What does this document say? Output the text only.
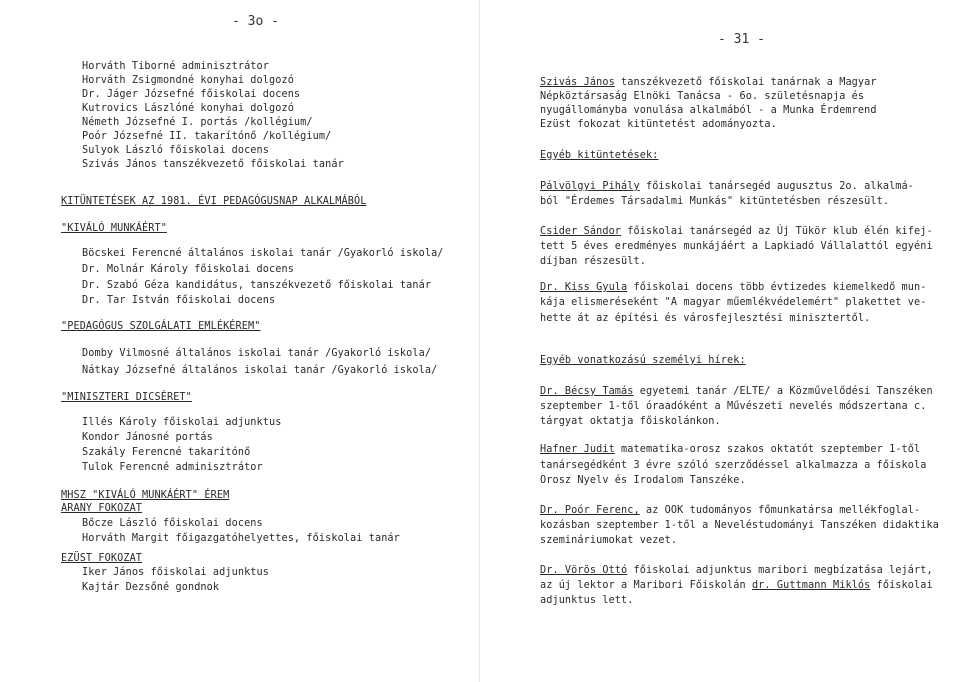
- 3o -
Horváth Tiborné adminisztrátor
Horváth Zsigmondné konyhai dolgozó
Dr. Jáger Józsefné főiskolai docens
Kutrovics Lászlóné konyhai dolgozó
Németh Józsefné I. portás /kollégium/
Poór Józsefné II. takarítónő /kollégium/
Sulyok László főiskolai docens
Szivás János tanszékvezető főiskolai tanár
KITÜNTETÉSEK AZ 1981. ÉVI PEDAGÓGUSNAP ALKALMÁBÓL
"KIVÁLÓ MUNKÁÉRT"
Böcskei Ferencné általános iskolai tanár /Gyakorló iskola/
Dr. Molnár Károly főiskolai docens
Dr. Szabó Géza kandidátus, tanszékvezető főiskolai tanár
Dr. Tar István főiskolai docens
"PEDAGÓGUS SZOLGÁLATI EMLÉKÉREM"
Domby Vilmosné általános iskolai tanár /Gyakorló iskola/
Nátkay Józsefné általános iskolai tanár /Gyakorló iskola/
"MINISZTERI DICSÉRET"
Illés Károly főiskolai adjunktus
Kondor Jánosné portás
Szakály Ferencné takarítónő
Tulok Ferencné adminisztrátor
MHSZ "KIVÁLÓ MUNKÁÉRT" ÉREM
ARANY FOKOZAT
Bőcze László főiskolai docens
Horváth Margit főigazgatóhelyettes, főiskolai tanár
EZÜST FOKOZAT
Iker János főiskolai adjunktus
Kajtár Dezsőné gondnok
- 31 -
Szivás János tanszékvezető főiskolai tanárnak a Magyar
Népköztársaság Elnöki Tanácsa - 6o. születésnapja és
nyugállományba vonulása alkalmából - a Munka Érdemrend
Ezüst fokozat kitüntetést adományozta.
Egyéb kitüntetések:
Pálvölgyi Pihály főiskolai tanársegéd augusztus 2o. alkalmá-
ból "Érdemes Társadalmi Munkás" kitüntetésben részesült.
Csider Sándor főiskolai tanársegéd az Új Tükör klub élén kifej-
tett 5 éves eredményes munkájáért a Lapkiadó Vállalattól egyéni
díjban részesült.
Dr. Kiss Gyula főiskolai docens több évtizedes kiemelkedő mun-
kája elismeréseként "A magyar műemlékvédelemért" plakettet ve-
hette át az építési és városfejlesztési minisztertől.
Egyéb vonatkozású személyi hírek:
Dr. Bécsy Tamás egyetemi tanár /ELTE/ a Közművelődési Tanszéken
szeptember 1-től óraadóként a Művészeti nevelés módszertana c.
tárgyat oktatja főiskolánkon.
Hafner Judit matematika-orosz szakos oktatót szeptember 1-től
tanársegédként 3 évre szóló szerződéssel alkalmazza a főiskola
Orosz Nyelv és Irodalom Tanszéke.
Dr. Poór Ferenc, az OOK tudományos főmunkatársa mellékfoglal-
kozásban szeptember 1-től a Neveléstudományi Tanszéken didaktika
szemináriumokat vezet.
Dr. Vörös Ottó főiskolai adjunktus maribori megbízatása lejárt,
az új lektor a Maribori Főiskolán dr. Guttmann Miklós főiskolai
adjunktus lett.
